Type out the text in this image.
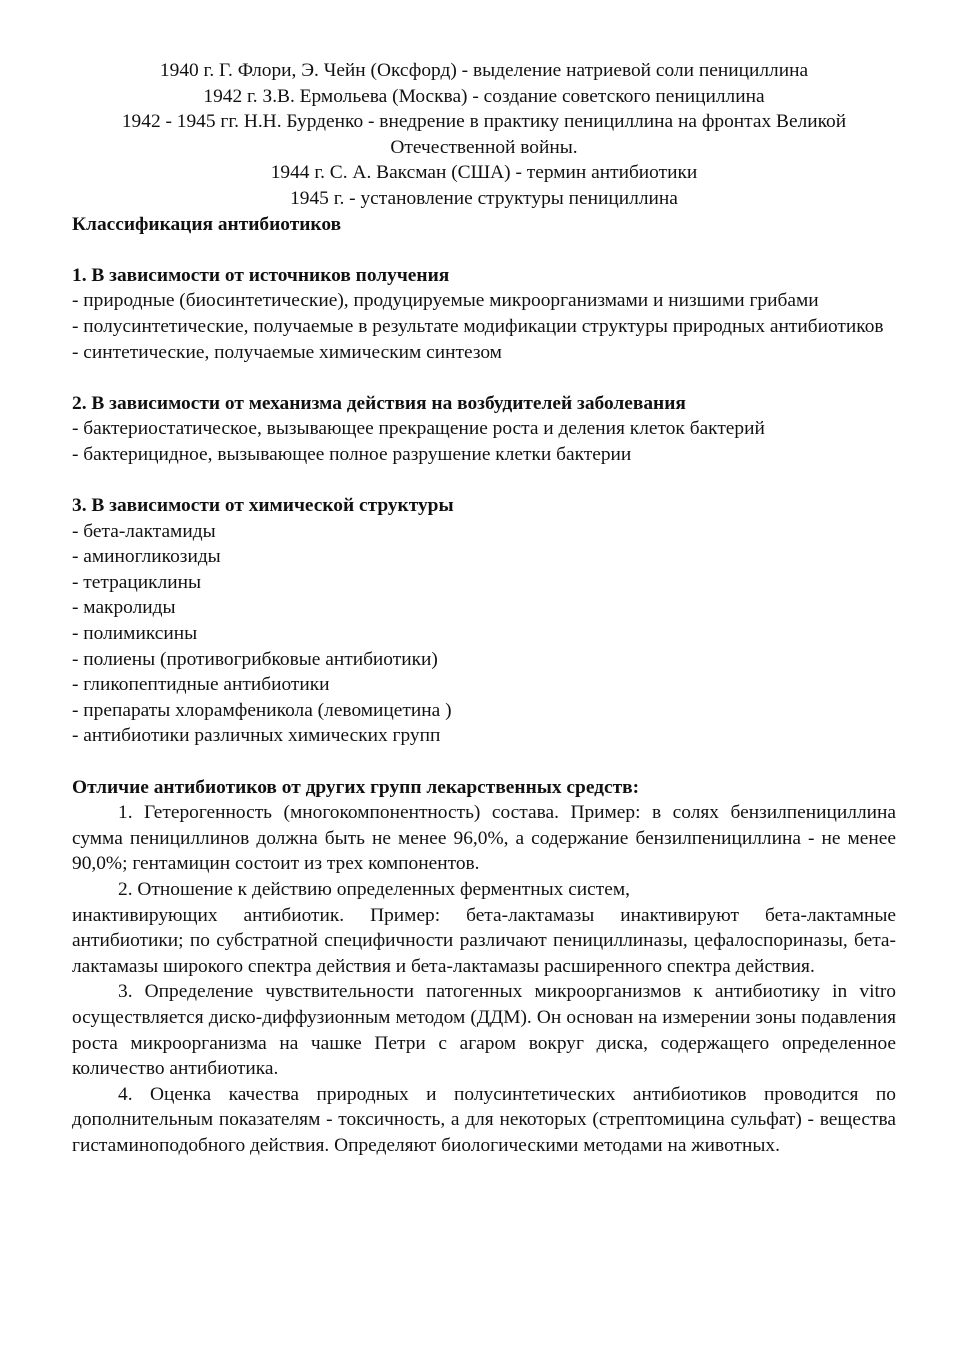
1940 г. Г. Флори, Э. Чейн (Оксфорд) - выделение натриевой соли пенициллина

1942 г. З.В. Ермольева (Москва) - создание советского пенициллина

1942 - 1945 гг. Н.Н. Бурденко - внедрение в практику пенициллина на фронтах Великой Отечественной войны.

1944 г. С. А. Ваксман (США) - термин антибиотики

1945 г. - установление структуры пенициллина

Классификация антибиотиков

1. В зависимости от источников получения

- природные (биосинтетические), продуцируемые микроорганизмами и низшими грибами

- полусинтетические, получаемые в результате модификации структуры природных антибиотиков

- синтетические, получаемые химическим синтезом

2. В зависимости от механизма действия на возбудителей заболевания

- бактериостатическое, вызывающее прекращение роста и деления клеток бактерий

- бактерицидное, вызывающее полное разрушение клетки бактерии

3. В зависимости от химической структуры

- бета-лактамиды

- аминогликозиды

- тетрациклины

- макролиды

- полимиксины

- полиены (противогрибковые антибиотики)

- гликопептидные антибиотики

- препараты хлорамфеникола (левомицетина )

- антибиотики различных химических групп

Отличие антибиотиков от других групп лекарственных средств:

1. Гетерогенность (многокомпонентность) состава. Пример: в солях бензилпенициллина сумма пенициллинов должна быть не менее 96,0%, а содержание бензилпенициллина - не менее 90,0%; гентамицин состоит из трех компонентов.

2. Отношение к действию определенных ферментных систем,

инактивирующих антибиотик. Пример: бета-лактамазы инактивируют бета-лактамные антибиотики; по субстратной специфичности различают пенициллиназы, цефалоспориназы, бета-лактамазы широкого спектра действия и бета-лактамазы расширенного спектра действия.

3. Определение чувствительности патогенных микроорганизмов к антибиотику in vitro осуществляется диско-диффузионным методом (ДДМ). Он основан на измерении зоны подавления роста микроорганизма на чашке Петри с агаром вокруг диска, содержащего определенное количество антибиотика.

4. Оценка качества природных и полусинтетических антибиотиков проводится по дополнительным показателям - токсичность, а для некоторых (стрептомицина сульфат) - вещества гистаминоподобного действия. Определяют биологическими методами на животных.
